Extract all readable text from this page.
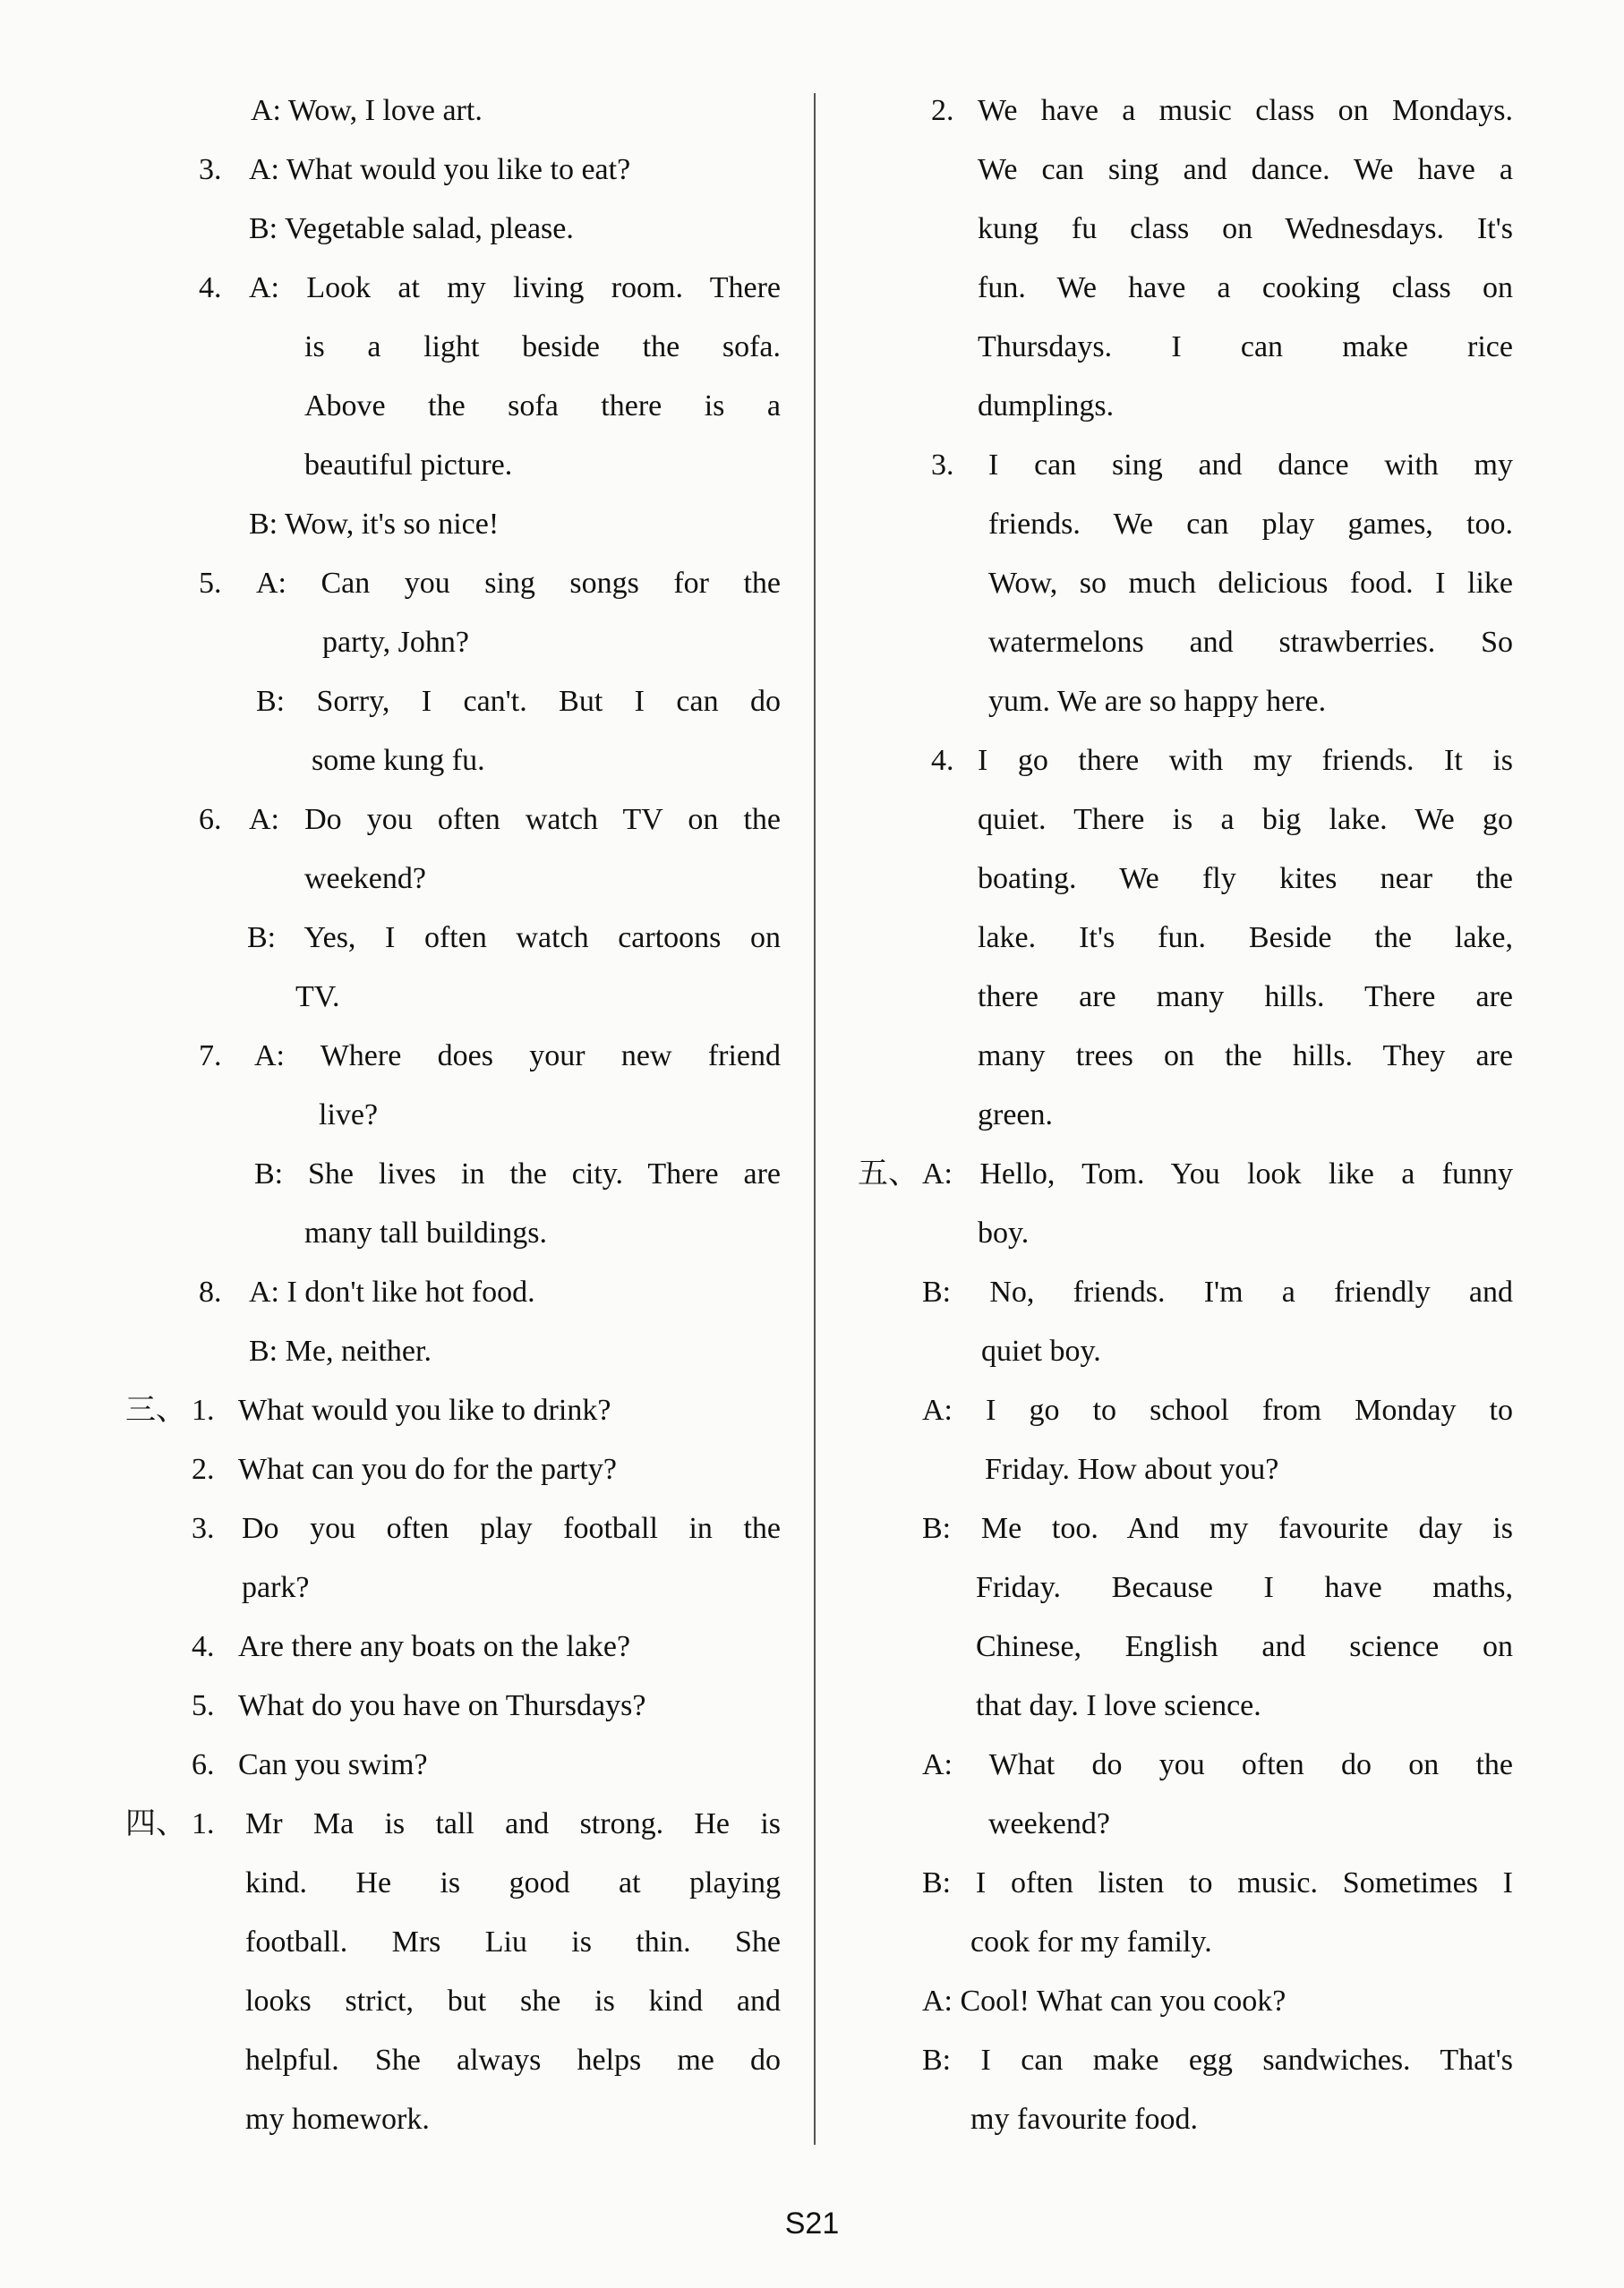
A: Wow, I love art.
3. A: What would you like to eat?
B: Vegetable salad, please.
4. A: Look at my living room. There
is a light beside the sofa.
Above the sofa there is a
beautiful picture.
B: Wow, it's so nice!
5. A: Can you sing songs for the
party, John?
B: Sorry, I can't. But I can do
some kung fu.
6. A: Do you often watch TV on the
weekend?
B: Yes, I often watch cartoons on
TV.
7. A: Where does your new friend
live?
B: She lives in the city. There are
many tall buildings.
8. A: I don't like hot food.
B: Me, neither.
三、 1. What would you like to drink?
2. What can you do for the party?
3. Do you often play football in the
park?
4. Are there any boats on the lake?
5. What do you have on Thursdays?
6. Can you swim?
四、 1. Mr Ma is tall and strong. He is
kind. He is good at playing
football. Mrs Liu is thin. She
looks strict, but she is kind and
helpful. She always helps me do
my homework.
2. We have a music class on Mondays.
We can sing and dance. We have a
kung fu class on Wednesdays. It's
fun. We have a cooking class on
Thursdays. I can make rice
dumplings.
3. I can sing and dance with my
friends. We can play games, too.
Wow, so much delicious food. I like
watermelons and strawberries. So
yum. We are so happy here.
4. I go there with my friends. It is
quiet. There is a big lake. We go
boating. We fly kites near the
lake. It's fun. Beside the lake,
there are many hills. There are
many trees on the hills. They are
green.
五、 A: Hello, Tom. You look like a funny
boy.
B: No, friends. I'm a friendly and
quiet boy.
A: I go to school from Monday to
Friday. How about you?
B: Me too. And my favourite day is
Friday. Because I have maths,
Chinese, English and science on
that day. I love science.
A: What do you often do on the
weekend?
B: I often listen to music. Sometimes I
cook for my family.
A: Cool! What can you cook?
B: I can make egg sandwiches. That's
my favourite food.
S21
